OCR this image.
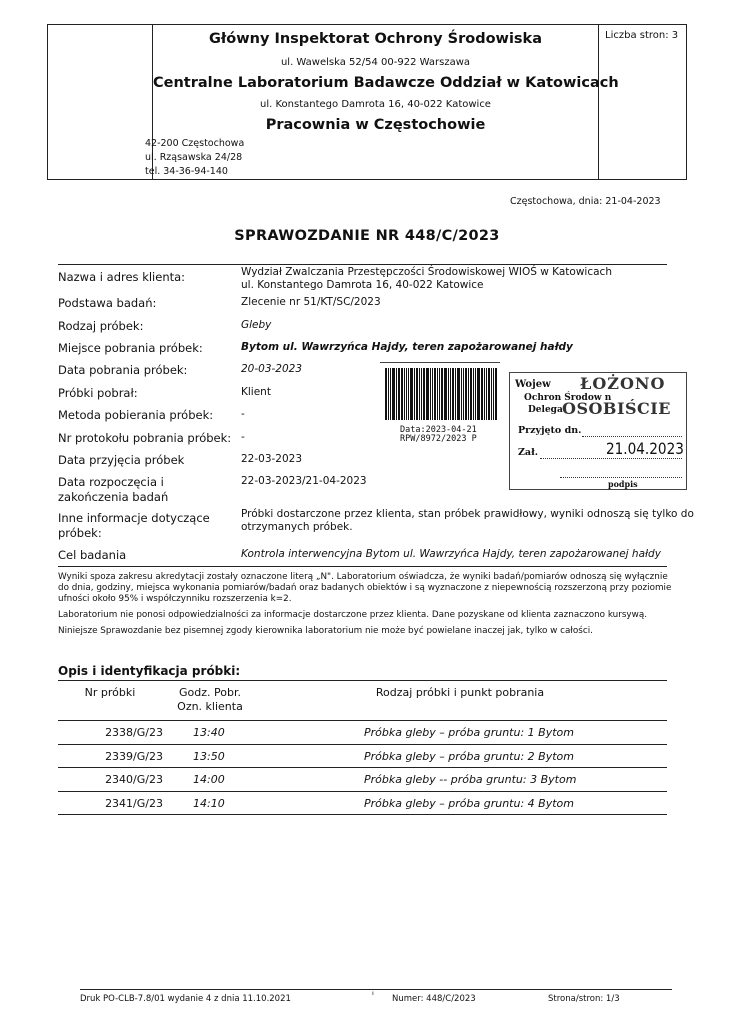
Liczba stron: 3
Główny Inspektorat Ochrony Środowiska
ul. Wawelska 52/54 00-922 Warszawa
Centralne Laboratorium Badawcze Oddział w Katowicach
ul. Konstantego Damrota 16, 40-022 Katowice
Pracownia w Częstochowie
42-200 Częstochowa
ul. Rząsawska 24/28
tel. 34-36-94-140
Częstochowa, dnia: 21-04-2023
SPRAWOZDANIE NR 448/C/2023
Nazwa i adres klienta:	Wydział Zwalczania Przestępczości Środowiskowej WIOŚ w Katowicach
ul. Konstantego Damrota 16, 40-022 Katowice
Podstawa badań:	Zlecenie nr 51/KT/SC/2023
Rodzaj próbek:	Gleby
Miejsce pobrania próbek:	Bytom ul. Wawrzyńca Hajdy, teren zapożarowanej hałdy
Data pobrania próbek:	20-03-2023
Próbki pobrał:	Klient
Metoda pobierania próbek:	-
Nr protokołu pobrania próbek: -
Data przyjęcia próbek	22-03-2023
Data rozpoczęcia i
zakończenia badań
22-03-2023/21-04-2023
Inne informacje dotyczące
próbek:
Próbki dostarczone przez klienta, stan próbek prawidłowy, wyniki odnoszą się tylko do
otrzymanych próbek.
Cel badania	Kontrola interwencyjna Bytom ul. Wawrzyńca Hajdy, teren zapożarowanej hałdy
Data:2023-04-21
RPW/8972/2023 P
Wojew ŁOŻONO
Ochron Środow n
Delega OSOBIŚCIE
Przyjęto dn.
Zał.	21.04.2023
podpis
Wyniki spoza zakresu akredytacji zostały oznaczone literą „N". Laboratorium oświadcza, że wyniki badań/pomiarów odnoszą się wyłącznie do dnia, godziny, miejsca wykonania pomiarów/badań oraz badanych obiektów i są wyznaczone z niepewnością rozszerzoną przy poziomie ufności około 95% i współczynniku rozszerzenia k=2.
Laboratorium nie ponosi odpowiedzialności za informacje dostarczone przez klienta. Dane pozyskane od klienta zaznaczono kursywą.
Niniejsze Sprawozdanie bez pisemnej zgody kierownika laboratorium nie może być powielane inaczej jak, tylko w całości.
Opis i identyfikacja próbki:
Nr próbki	Godz. Pobr.
Ozn. klienta
Rodzaj próbki i punkt pobrania
2338/G/23	13:40	Próbka gleby – próba gruntu: 1 Bytom
2339/G/23	13:50	Próbka gleby – próba gruntu: 2 Bytom
2340/G/23	14:00	Próbka gleby -- próba gruntu: 3 Bytom
2341/G/23	14:10	Próbka gleby – próba gruntu: 4 Bytom
Druk PO-CLB-7.8/01 wydanie 4 z dnia 11.10.2021	ᑊ Numer: 448/C/2023	Strona/stron: 1/3
